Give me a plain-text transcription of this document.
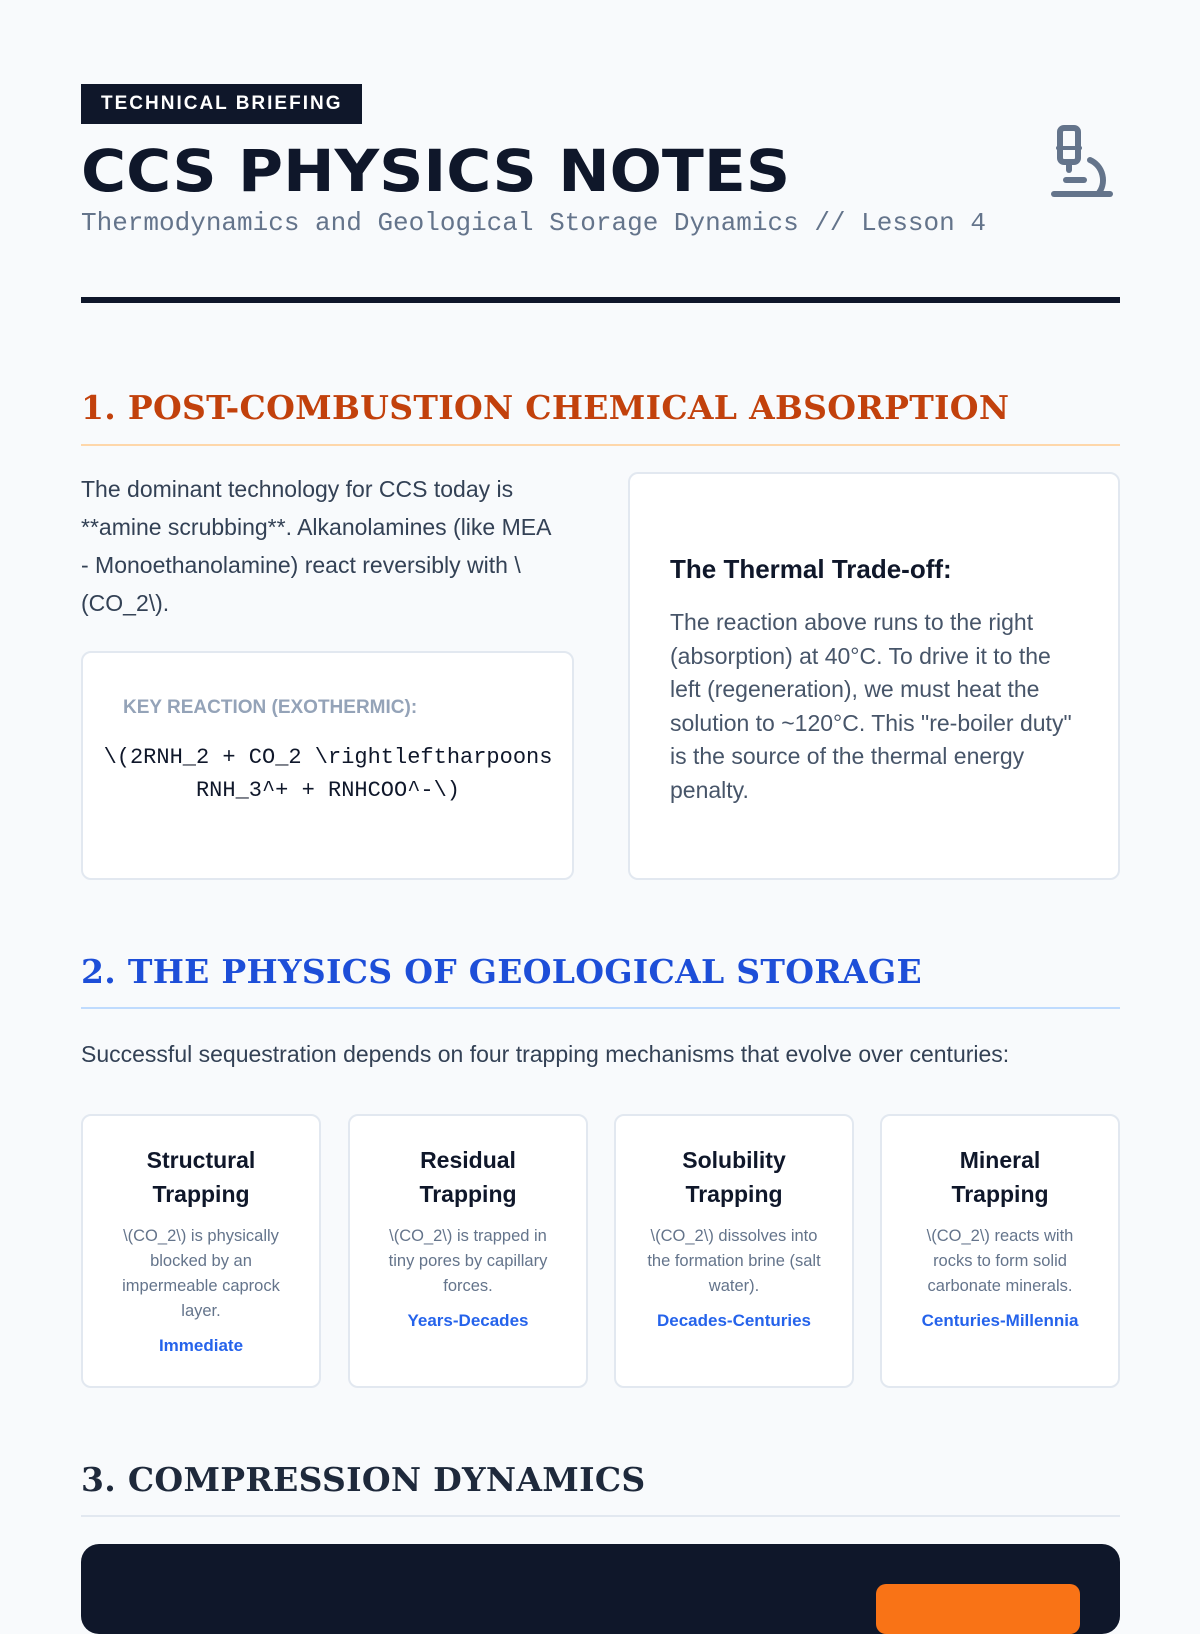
TECHNICAL BRIEFING
CCS PHYSICS NOTES
Thermodynamics and Geological Storage Dynamics // Lesson 4
1. POST-COMBUSTION CHEMICAL ABSORPTION
The dominant technology for CCS today is **amine scrubbing**. Alkanolamines (like MEA - Monoethanolamine) react reversibly with \(CO_2\).
KEY REACTION (EXOTHERMIC):
\(2RNH_2 + CO_2 \rightleftharpoons RNH_3^+ + RNHCOO^-\)
The Thermal Trade-off:
The reaction above runs to the right (absorption) at 40°C. To drive it to the left (regeneration), we must heat the solution to ~120°C. This "re-boiler duty" is the source of the thermal energy penalty.
2. THE PHYSICS OF GEOLOGICAL STORAGE
Successful sequestration depends on four trapping mechanisms that evolve over centuries:
Structural Trapping
\(CO_2\) is physically blocked by an impermeable caprock layer.
Immediate
Residual Trapping
\(CO_2\) is trapped in tiny pores by capillary forces.
Years-Decades
Solubility Trapping
\(CO_2\) dissolves into the formation brine (salt water).
Decades-Centuries
Mineral Trapping
\(CO_2\) reacts with rocks to form solid carbonate minerals.
Centuries-Millennia
3. COMPRESSION DYNAMICS
